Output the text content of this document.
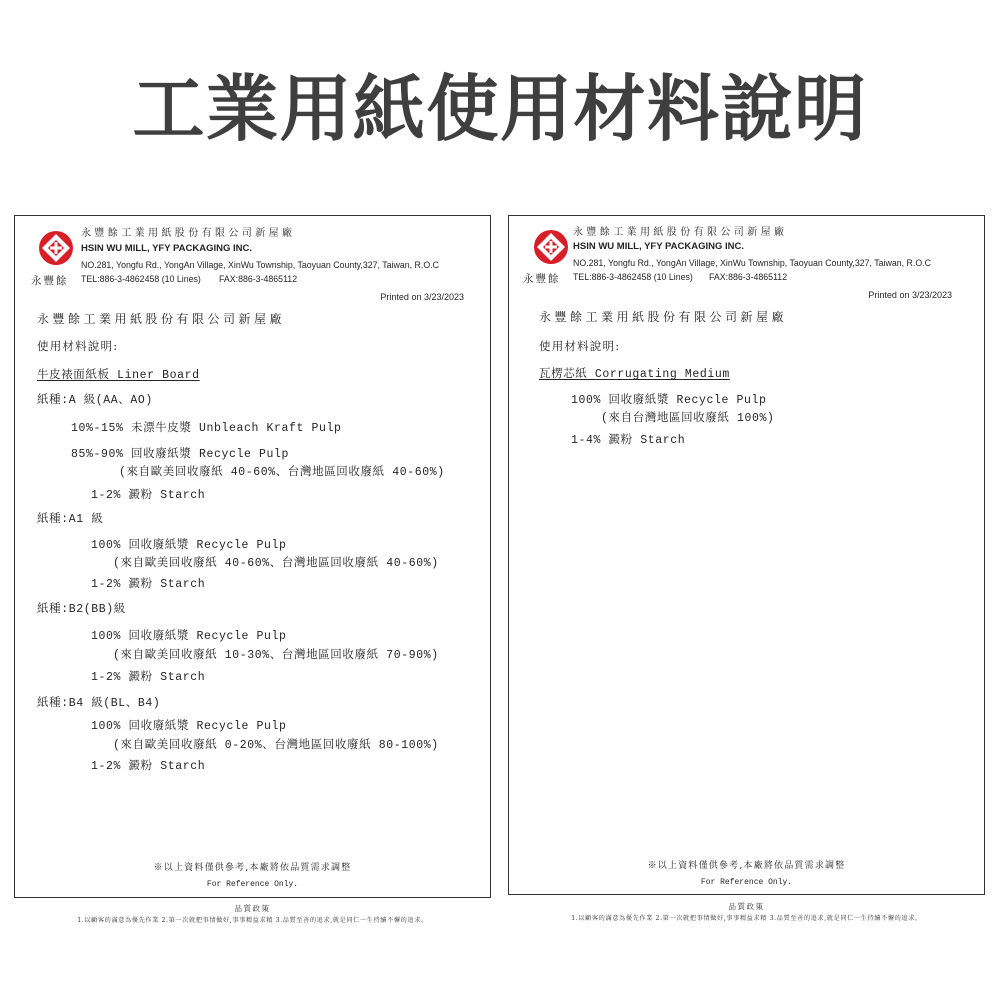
工業用紙使用材料說明
永豐餘
永豐餘工業用紙股份有限公司新屋廠
HSIN WU MILL, YFY PACKAGING INC.
NO.281, Yongfu Rd., YongAn Village, XinWu Township, Taoyuan County,327, Taiwan, R.O.C
TEL:886-3-4862458 (10 Lines) FAX:886-3-4865112
Printed on 3/23/2023
永豐餘工業用紙股份有限公司新屋廠
使用材料說明:
牛皮裱面紙板 Liner Board
紙種:A 級(AA、AO)
10%-15% 未漂牛皮漿 Unbleach Kraft Pulp
85%-90% 回收廢紙漿 Recycle Pulp
(來自歐美回收廢紙 40-60%、台灣地區回收廢紙 40-60%)
1-2% 澱粉 Starch
紙種:A1 級
100% 回收廢紙漿 Recycle Pulp
(來自歐美回收廢紙 40-60%、台灣地區回收廢紙 40-60%)
1-2% 澱粉 Starch
紙種:B2(BB)級
100% 回收廢紙漿 Recycle Pulp
(來自歐美回收廢紙 10-30%、台灣地區回收廢紙 70-90%)
1-2% 澱粉 Starch
紙種:B4 級(BL、B4)
100% 回收廢紙漿 Recycle Pulp
(來自歐美回收廢紙 0-20%、台灣地區回收廢紙 80-100%)
1-2% 澱粉 Starch
※以上資料僅供參考,本廠將依品質需求調整
For Reference Only.
品質政策
1.以顧客的滿意為優先作業 2.第一次就把事情做好,事事精益求精 3.品質至善的追求,就是同仁一生持續不懈的追求。
永豐餘
永豐餘工業用紙股份有限公司新屋廠
HSIN WU MILL, YFY PACKAGING INC.
NO.281, Yongfu Rd., YongAn Village, XinWu Township, Taoyuan County,327, Taiwan, R.O.C
TEL:886-3-4862458 (10 Lines) FAX:886-3-4865112
Printed on 3/23/2023
永豐餘工業用紙股份有限公司新屋廠
使用材料說明:
瓦楞芯紙 Corrugating Medium
100% 回收廢紙漿 Recycle Pulp
(來自台灣地區回收廢紙 100%)
1-4% 澱粉 Starch
※以上資料僅供參考,本廠將依品質需求調整
For Reference Only.
品質政策
1.以顧客的滿意為優先作業 2.第一次就把事情做好,事事精益求精 3.品質至善的追求,就是同仁一生持續不懈的追求。
